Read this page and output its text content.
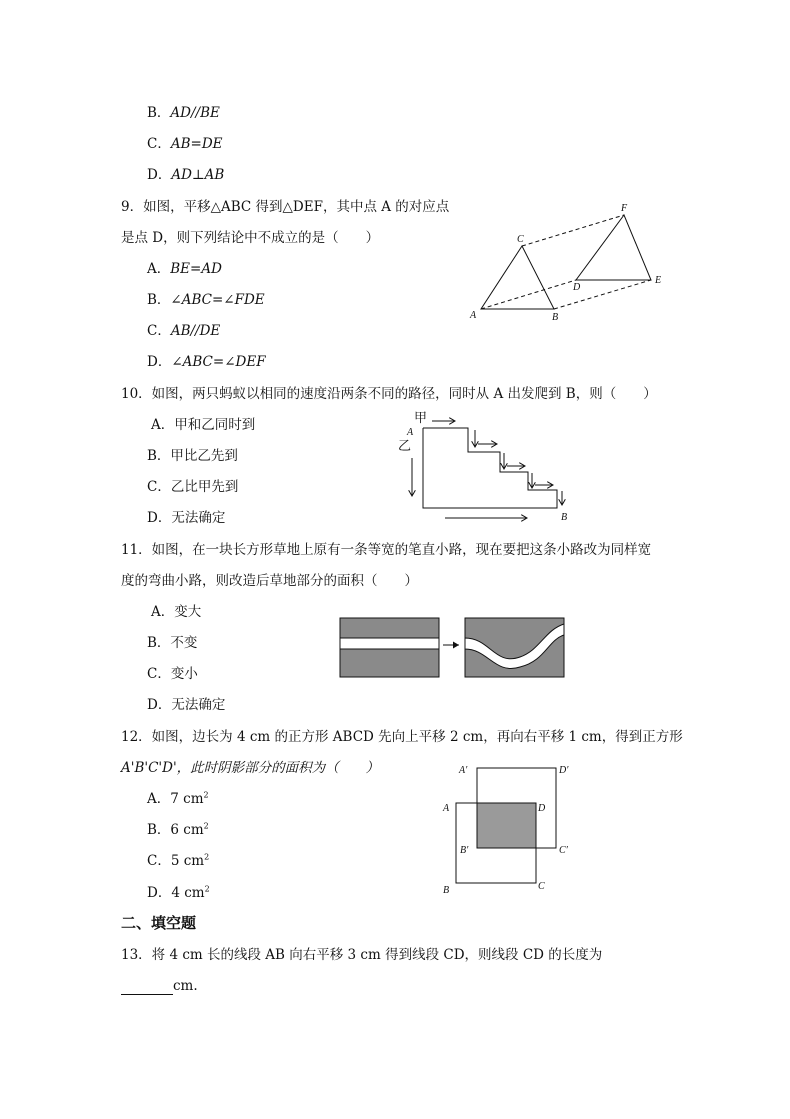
B．AD//BE
C．AB=DE
D．AD⊥AB
9．如图，平移△ABC 得到△DEF，其中点 A 的对应点
是点 D，则下列结论中不成立的是（　　）
A．BE=AD
B．∠ABC=∠FDE
C．AB//DE
D．∠ABC=∠DEF
A	B
C
D
E
F
10．如图，两只蚂蚁以相同的速度沿两条不同的路径，同时从 A 出发爬到 B，则（　　）
A．甲和乙同时到
B．甲比乙先到
C．乙比甲先到
D．无法确定
甲
乙
A
B
11．如图，在一块长方形草地上原有一条等宽的笔直小路，现在要把这条小路改为同样宽
度的弯曲小路，则改造后草地部分的面积（　　）
A．变大
B．不变
C．变小
D．无法确定
12．如图，边长为 4 cm 的正方形 ABCD 先向上平移 2 cm，再向右平移 1 cm，得到正方形
A'B'C'D'，此时阴影部分的面积为（　　）
A．7 $cm^2$
B．6 $cm^2$
C．5 $cm^2$
D．4 $cm^2$
A′	D′
A	D
B′	C′
B	C
二、填空题
13．将 4 cm 长的线段 AB 向右平移 3 cm 得到线段 CD，则线段 CD 的长度为
cm.
